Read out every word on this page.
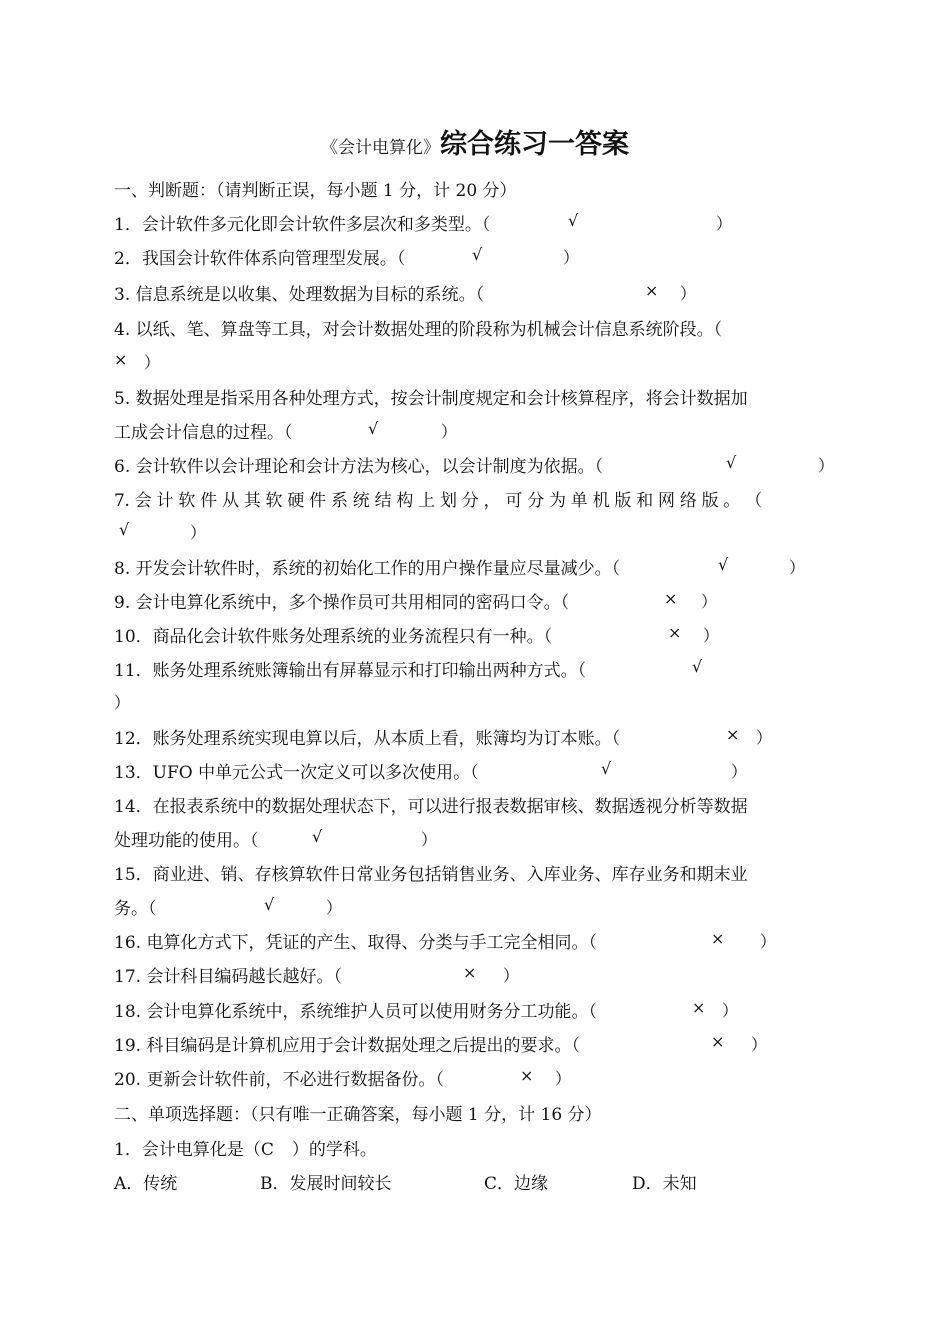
《会计电算化》综合练习一答案
一、判断题：（请判断正误，每小题 1 分，计 20 分）
1．会计软件多元化即会计软件多层次和多类型。（	√	）
2．我国会计软件体系向管理型发展。（	√	）
3. 信息系统是以收集、处理数据为目标的系统。（	× ）
4. 以纸、笔、算盘等工具，对会计数据处理的阶段称为机械会计信息系统阶段。（
× ）
5. 数据处理是指采用各种处理方式，按会计制度规定和会计核算程序，将会计数据加
工成会计信息的过程。（	√	）
6. 会计软件以会计理论和会计方法为核心，以会计制度为依据。（	√	）
7. 会 计 软 件 从 其 软 硬 件 系 统 结 构 上 划 分 ， 可 分 为 单 机 版 和 网 络 版 。 （
√	）
8. 开发会计软件时，系统的初始化工作的用户操作量应尽量减少。（	√	）
9. 会计电算化系统中，多个操作员可共用相同的密码口令。（	× ）
10．商品化会计软件账务处理系统的业务流程只有一种。（	× ）
11．账务处理系统账簿输出有屏幕显示和打印输出两种方式。（	√
）
12．账务处理系统实现电算以后，从本质上看，账簿均为订本账。（	× ）
13．UFO 中单元公式一次定义可以多次使用。（	√	）
14．在报表系统中的数据处理状态下，可以进行报表数据审核、数据透视分析等数据
处理功能的使用。（	√	）
15．商业进、销、存核算软件日常业务包括销售业务、入库业务、库存业务和期末业
务。（	√	）
16. 电算化方式下，凭证的产生、取得、分类与手工完全相同。（	× ）
17. 会计科目编码越长越好。（	× ）
18. 会计电算化系统中，系统维护人员可以使用财务分工功能。（	× ）
19. 科目编码是计算机应用于会计数据处理之后提出的要求。（	× ）
20. 更新会计软件前，不必进行数据备份。（	× ）
二、单项选择题：（只有唯一正确答案，每小题 1 分，计 16 分）
1．会计电算化是（C ）的学科。
A．传统	B．发展时间较长	C．边缘	D．未知
